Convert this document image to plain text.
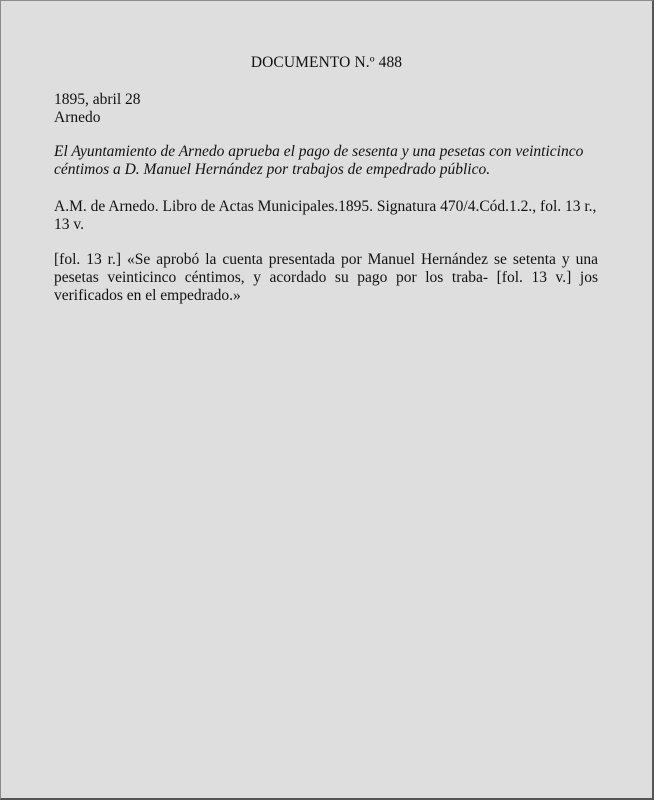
DOCUMENTO N.º 488
1895, abril 28
Arnedo
El Ayuntamiento de Arnedo aprueba el pago de sesenta y una pesetas con veinticinco céntimos a D. Manuel Hernández por trabajos de empedrado público.
A.M. de Arnedo. Libro de Actas Municipales.1895. Signatura 470/4.Cód.1.2., fol. 13 r., 13 v.
[fol. 13 r.] «Se aprobó la cuenta presentada por Manuel Hernández se setenta y una pesetas veinticinco céntimos, y acordado su pago por los traba- [fol. 13 v.] jos verificados en el empedrado.»
